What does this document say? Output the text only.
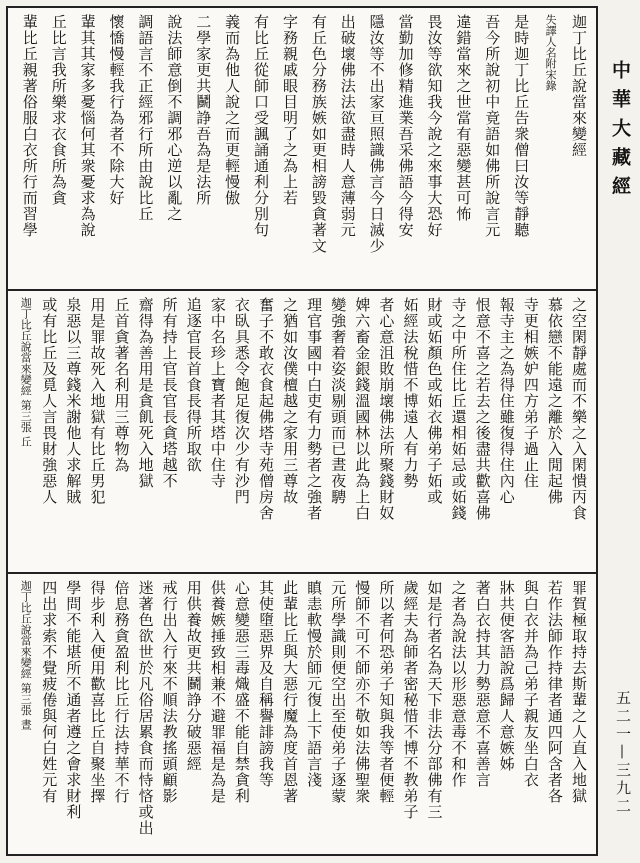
迦丁比丘說當來變經
失譯人名附宋錄
是時迦丁比丘告衆僧曰汝等靜聽
吾今所說初中竟語如佛所說言元
違錯當來之世當有惡變甚可怖
畏汝等欲知我今說之來事大恐好
當勤加修精進業吾采佛語今得安
隱汝等不出家亘照識佛言今日滅少
出破壞佛法法欲盡時人意薄弱元
有丘色分務族嫉如更相謗毀貪著文
字務親戚眼目明了之為上若
有比丘從師口受諷誦通利分別句
義而為他人說之而更輕慢傲
二學家更共鬭諍吾為是法所
說法師意倒不調邪心逆以亂之
調語言不正經邪行所由說比丘
懷憍慢輕我行為者不除大好
輩其其家多憂惱何其衆憂求為說
丘比言我所樂求衣食所為貪
輩比丘親著俗服白衣所行而習學
之空閑靜處而不樂之入閑憒丙食
慕依戀不能遠之離於入閒起佛
寺更相嫉妒四方弟子過止住
報寺主之為得住雖復得住內心
恨意不喜之若去之後盡共歡喜佛
寺之中所住比丘還相妬忌或妬錢
財或妬顏色或妬衣佛弟子妬或
妬經法稅惜不博遠人有力勢
者心意沮敗崩壞佛法所聚錢財奴
婢六畜金銀錢溫國林以此為上白
變強奢着姿淡剔頭而已晝夜騁
理官事國中白吏有力勢者之強者
之猶如汝僕檀越之家用三尊故
奮子不敢衣食起佛塔寺苑僧房舍
衣臥具悉令飽足復次少有沙門
家中名珍上寶者其塔中住寺
追逐官長首食長得所取欲
所有持上官長官長貪塔越不
齋得為善用是貪飢死入地獄
丘首貪著名利用三尊物為
用是罪故死入地獄有比丘男犯
泉惡以三尊錢米謝他人求解賊
或有比丘及覓人言畏財強惡人
迦丁比丘說當來變經 第三張 丘
罪賀極取持去斯輩之人直入地獄
若作法師作持律者通四阿含者各
與白衣并為己弟子親友坐白衣
牀共便客語說爲歸人意嫉姊
著白衣持其力勢惡意不喜善言
之者為說法以形惡意毒不和作
如是行者名為天下非法分部佛有三
歲經夫為師者密秘惜不博不教弟子
所以者何恐弟子知與我等者便輕
慢師不可不師亦不敬如法佛聖衆
元所學識則便空出至使弟子逐蒙
瞋恚軟慢於師元復上下語言淺
此輩比丘與大惡行魔為度首恩著
其使墮惡界及自稱譽誹謗我等
心意變惡三毒熾盛不能自禁貪利
供養嫉捶致相兼不避罪福是為是
用供養故更共鬭諍分破惡經
戒行出入行來不順法教搖頭顧影
迷著色欲世於凡俗居累食而恃悋或出
倍息務貪盈利比丘行法持華不行
得步利入便用歡喜比丘自聚坐擇
學問不能堪所不通者遵之會求財利
四出求索不覺疲倦與何白姓元有
迦丁比丘說當來變經 第三張 晝
中華大藏經
五二一—三九二
